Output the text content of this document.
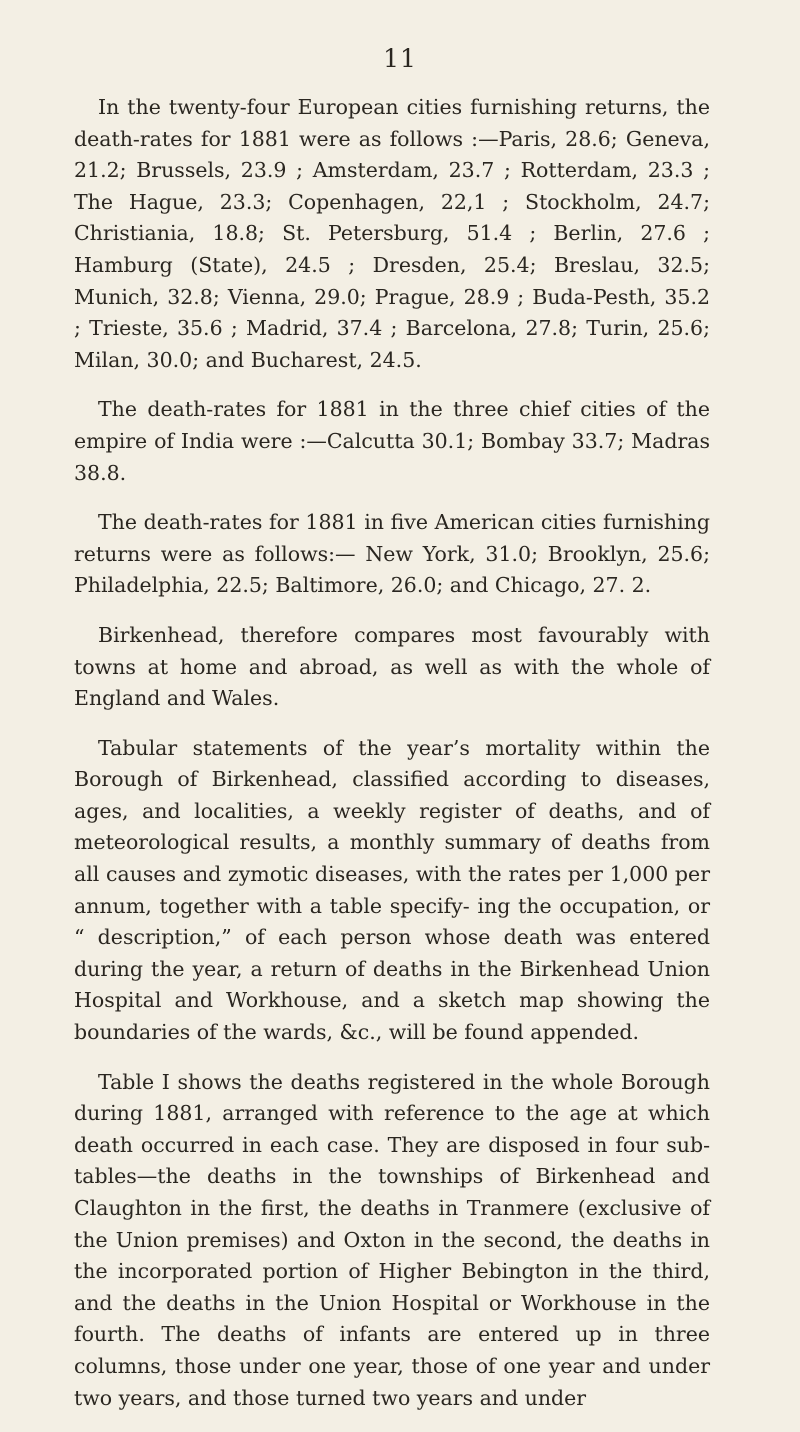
11

In the twenty-four European cities furnishing returns, the death-rates for 1881 were as follows :—Paris, 28.6; Geneva, 21.2; Brussels, 23.9 ; Amsterdam, 23.7 ; Rotterdam, 23.3 ; The Hague, 23.3; Copenhagen, 22,1 ; Stockholm, 24.7; Christiania, 18.8; St. Petersburg, 51.4 ; Berlin, 27.6 ; Hamburg (State), 24.5 ; Dresden, 25.4; Breslau, 32.5; Munich, 32.8; Vienna, 29.0; Prague, 28.9 ; Buda-Pesth, 35.2 ; Trieste, 35.6 ; Madrid, 37.4 ; Barcelona, 27.8; Turin, 25.6; Milan, 30.0; and Bucharest, 24.5.

The death-rates for 1881 in the three chief cities of the empire of India were :—Calcutta 30.1; Bombay 33.7; Madras 38.8.

The death-rates for 1881 in five American cities furnishing returns were as follows:— New York, 31.0; Brooklyn, 25.6; Philadelphia, 22.5; Baltimore, 26.0; and Chicago, 27. 2.

Birkenhead, therefore compares most favourably with towns at home and abroad, as well as with the whole of England and Wales.

Tabular statements of the year’s mortality within the Borough of Birkenhead, classified according to diseases, ages, and localities, a weekly register of deaths, and of meteorological results, a monthly summary of deaths from all causes and zymotic diseases, with the rates per 1,000 per annum, together with a table specify- ing the occupation, or “ description,” of each person whose death was entered during the year, a return of deaths in the Birkenhead Union Hospital and Workhouse, and a sketch map showing the boundaries of the wards, &c., will be found appended.

Table I shows the deaths registered in the whole Borough during 1881, arranged with reference to the age at which death occurred in each case. They are disposed in four sub-tables—the deaths in the townships of Birkenhead and Claughton in the first, the deaths in Tranmere (exclusive of the Union premises) and Oxton in the second, the deaths in the incorporated portion of Higher Bebington in the third, and the deaths in the Union Hospital or Workhouse in the fourth. The deaths of infants are entered up in three columns, those under one year, those of one year and under two years, and those turned two years and under
